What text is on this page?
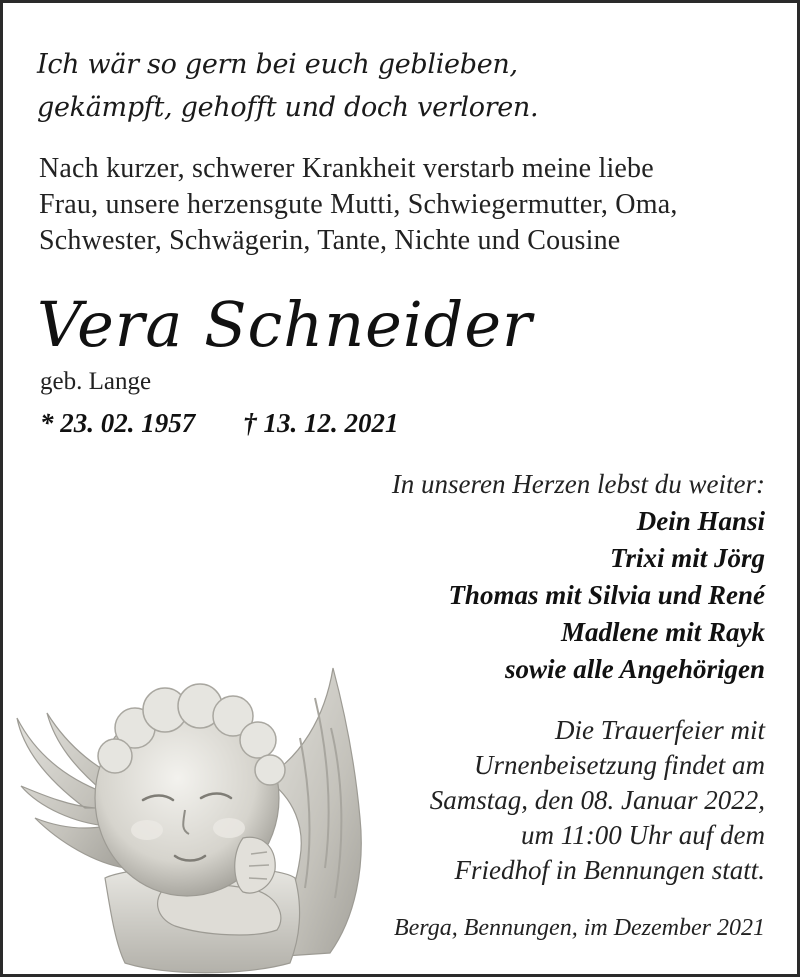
Ich wär so gern bei euch geblieben,
gekämpft, gehofft und doch verloren.
Nach kurzer, schwerer Krankheit verstarb meine liebe
Frau, unsere herzensgute Mutti, Schwiegermutter, Oma,
Schwester, Schwägerin, Tante, Nichte und Cousine
Vera Schneider
geb. Lange
* 23. 02. 1957 † 13. 12. 2021
In unseren Herzen lebst du weiter:
Dein Hansi
Trixi mit Jörg
Thomas mit Silvia und René
Madlene mit Rayk
sowie alle Angehörigen
Die Trauerfeier mit
Urnenbeisetzung findet am
Samstag, den 08. Januar 2022,
um 11:00 Uhr auf dem
Friedhof in Bennungen statt.
Berga, Bennungen, im Dezember 2021
